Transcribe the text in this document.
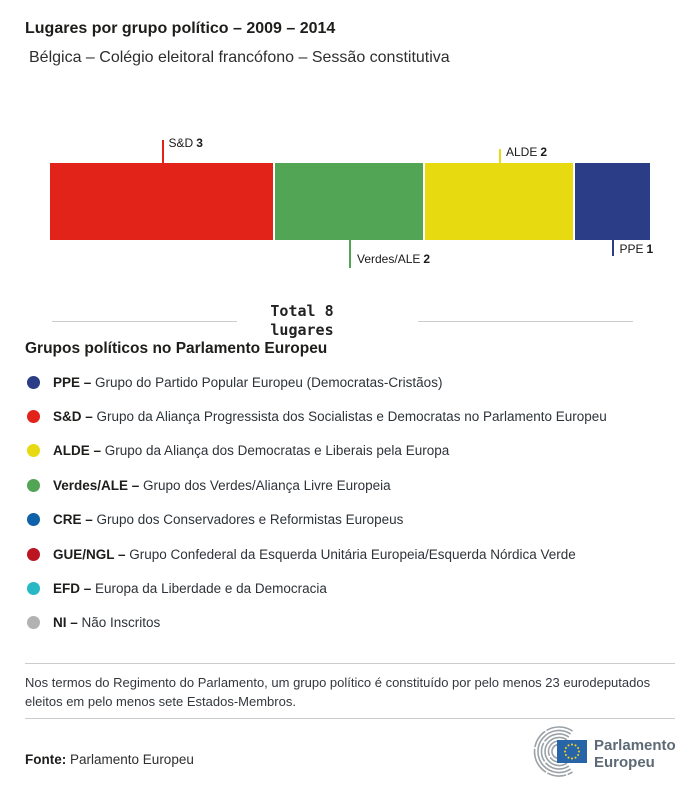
Lugares por grupo político – 2009 – 2014
Bélgica – Colégio eleitoral francófono – Sessão constitutiva
Total 8
lugares
Grupos políticos no Parlamento Europeu
PPE – Grupo do Partido Popular Europeu (Democratas-Cristãos)
S&D – Grupo da Aliança Progressista dos Socialistas e Democratas no Parlamento Europeu
ALDE – Grupo da Aliança dos Democratas e Liberais pela Europa
Verdes/ALE – Grupo dos Verdes/Aliança Livre Europeia
CRE – Grupo dos Conservadores e Reformistas Europeus
GUE/NGL – Grupo Confederal da Esquerda Unitária Europeia/Esquerda Nórdica Verde
EFD – Europa da Liberdade e da Democracia
NI – Não Inscritos
Nos termos do Regimento do Parlamento, um grupo político é constituído por pelo menos 23 eurodeputados eleitos em pelo menos sete Estados-Membros.
Fonte: Parlamento Europeu
Parlamento
Europeu
S&D 3
Verdes/ALE 2
ALDE 2
PPE 1
